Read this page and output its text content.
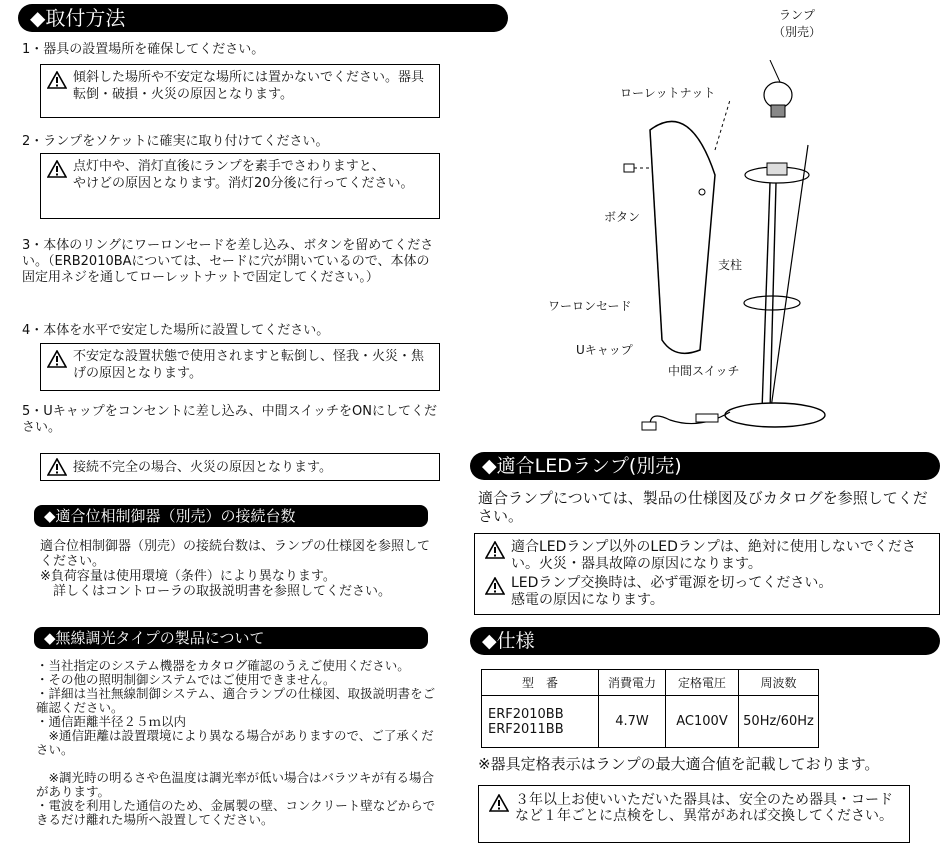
◆取付方法
1・器具の設置場所を確保してください。
傾斜した場所や不安定な場所には置かないでください。器具転倒・破損・火災の原因となります。
2・ランプをソケットに確実に取り付けてください。
点灯中や、消灯直後にランプを素手でさわりますと、
やけどの原因となります。消灯20分後に行ってください。
3・本体のリングにワーロンセードを差し込み、ボタンを留めてください。（ERB2010BAについては、セードに穴が開いているので、本体の固定用ネジを通してローレットナットで固定してください。）
4・本体を水平で安定した場所に設置してください。
不安定な設置状態で使用されますと転倒し、怪我・火災・焦げの原因となります。
5・Uキャップをコンセントに差し込み、中間スイッチをONにしてください。
接続不完全の場合、火災の原因となります。
◆適合位相制御器（別売）の接続台数
適合位相制御器（別売）の接続台数は、ランプの仕様図を参照してください。
※負荷容量は使用環境（条件）により異なります。
　詳しくはコントローラの取扱説明書を参照してください。
◆無線調光タイプの製品について
・当社指定のシステム機器をカタログ確認のうえご使用ください。
・その他の照明制御システムではご使用できません。
・詳細は当社無線制御システム、適合ランプの仕様図、取扱説明書をご確認ください。
・通信距離半径２５ｍ以内
　※通信距離は設置環境により異なる場合がありますので、ご了承ください。

　※調光時の明るさや色温度は調光率が低い場合はバラツキが有る場合があります。
・電波を利用した通信のため、金属製の壁、コンクリート壁などからできるだけ離れた場所へ設置してください。
ランプ
（別売）
ローレットナット
ボタン
支柱
ワーロンセード
Uキャップ
中間スイッチ
◆適合LEDランプ(別売)
適合ランプについては、製品の仕様図及びカタログを参照してください。
適合LEDランプ以外のLEDランプは、絶対に使用しないでください。火災・器具故障の原因になります。
LEDランプ交換時は、必ず電源を切ってください。
感電の原因になります。
◆仕様
型　番	消費電力	定格電圧	周波数
ERF2010BB
ERF2011BB	4.7W	AC100V	50Hz/60Hz
※器具定格表示はランプの最大適合値を記載しております。
３年以上お使いいただいた器具は、安全のため器具・コードなど１年ごとに点検をし、異常があれば交換してください。
